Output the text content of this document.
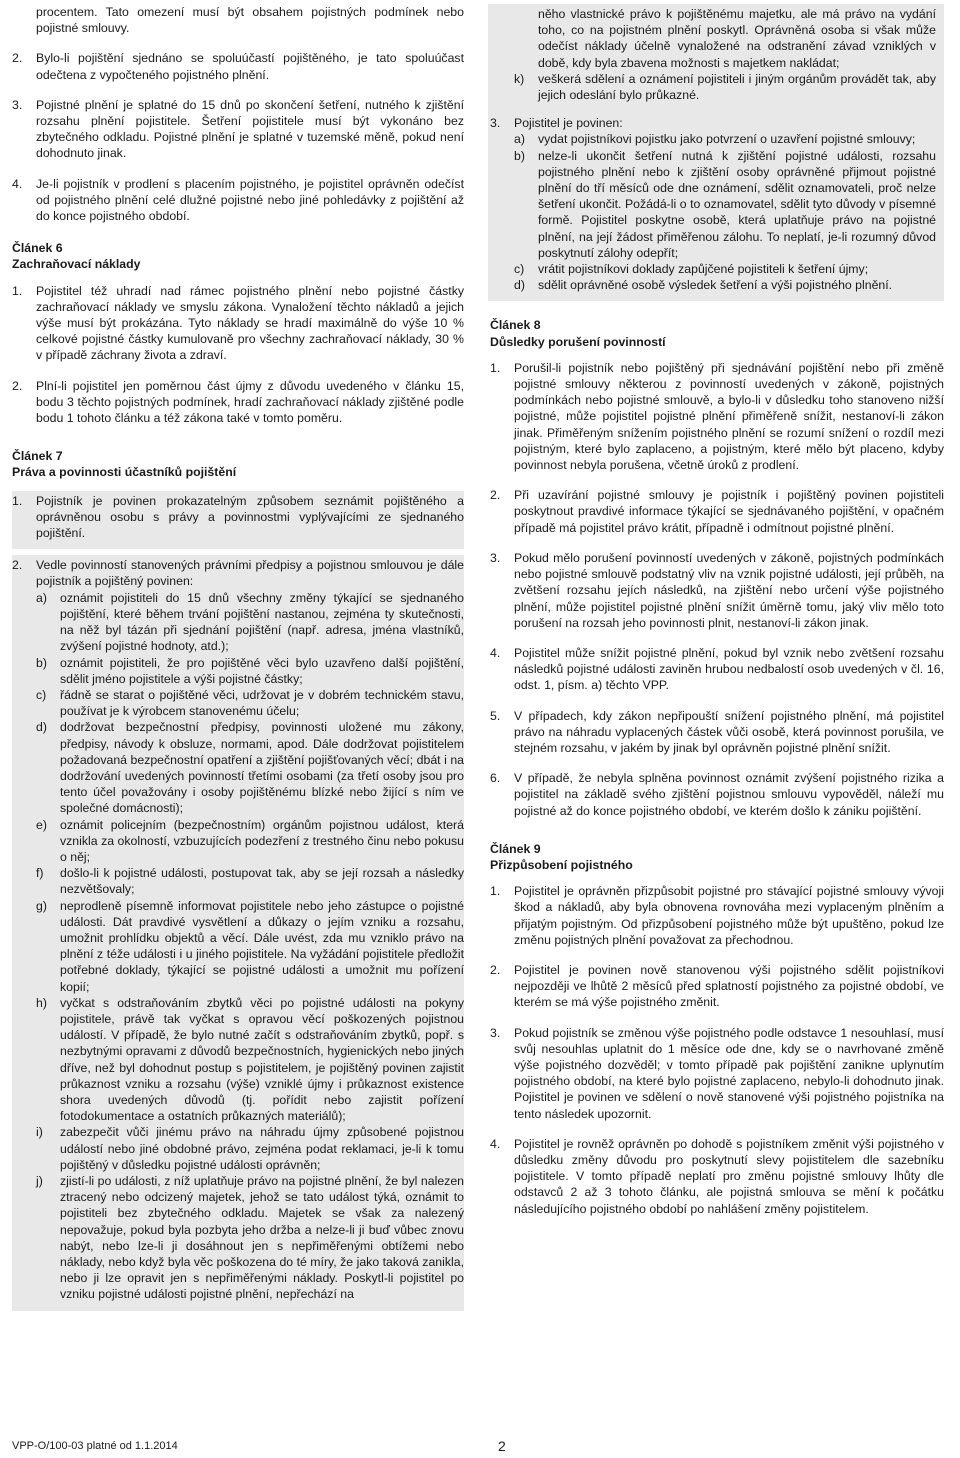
procentem. Tato omezení musí být obsahem pojistných podmínek nebo pojistné smlouvy.
2. Bylo-li pojištění sjednáno se spoluúčastí pojištěného, je tato spoluúčast odečtena z vypočteného pojistného plnění.
3. Pojistné plnění je splatné do 15 dnů po skončení šetření, nutného k zjištění rozsahu plnění pojistitele. Šetření pojistitele musí být vykonáno bez zbytečného odkladu. Pojistné plnění je splatné v tuzemské měně, pokud není dohodnuto jinak.
4. Je-li pojistník v prodlení s placením pojistného, je pojistitel oprávněn odečíst od pojistného plnění celé dlužné pojistné nebo jiné pohledávky z pojištění až do konce pojistného období.
Článek 6
Zachraňovací náklady
1. Pojistitel též uhradí nad rámec pojistného plnění nebo pojistné částky zachraňovací náklady ve smyslu zákona. Vynaložení těchto nákladů a jejich výše musí být prokázána. Tyto náklady se hradí maximálně do výše 10 % celkové pojistné částky kumulovaně pro všechny zachraňovací náklady, 30 % v případě záchrany života a zdraví.
2. Plní-li pojistitel jen poměrnou část újmy z důvodu uvedeného v článku 15, bodu 3 těchto pojistných podmínek, hradí zachraňovací náklady zjištěné podle bodu 1 tohoto článku a též zákona také v tomto poměru.
Článek 7
Práva a povinnosti účastníků pojištění
1. Pojistník je povinen prokazatelným způsobem seznámit pojištěného a oprávněnou osobu s právy a povinnostmi vyplývajícími ze sjednaného pojištění.
2. Vedle povinností stanovených právními předpisy a pojistnou smlouvou je dále pojistník a pojištěný povinen:
a) oznámit pojistiteli do 15 dnů všechny změny týkající se sjednaného pojištění, které během trvání pojištění nastanou, zejména ty skutečnosti, na něž byl tázán při sjednání pojištění (např. adresa, jména vlastníků, zvýšení pojistné hodnoty, atd.);
b) oznámit pojistiteli, že pro pojištěné věci bylo uzavřeno další pojištění, sdělit jméno pojistitele a výši pojistné částky;
c) řádně se starat o pojištěné věci, udržovat je v dobrém technickém stavu, používat je k výrobcem stanovenému účelu;
d) dodržovat bezpečnostní předpisy, povinnosti uložené mu zákony, předpisy, návody k obsluze, normami, apod. Dále dodržovat pojistitelem požadovaná bezpečnostní opatření a zjištění pojišťovaných věcí; dbát i na dodržování uvedených povinností třetími osobami (za třetí osoby jsou pro tento účel považovány i osoby pojištěnému blízké nebo žijící s ním ve společné domácnosti);
e) oznámit policejním (bezpečnostním) orgánům pojistnou událost, která vznikla za okolností, vzbuzujících podezření z trestného činu nebo pokusu o něj;
f) došlo-li k pojistné události, postupovat tak, aby se její rozsah a následky nezvětšovaly;
g) neprodleně písemně informovat pojistitele nebo jeho zástupce o pojistné události. Dát pravdivé vysvětlení a důkazy o jejím vzniku a rozsahu, umožnit prohlídku objektů a věcí. Dále uvést, zda mu vzniklo právo na plnění z téže události i u jiného pojistitele. Na vyžádání pojistitele předložit potřebné doklady, týkající se pojistné události a umožnit mu pořízení kopií;
h) vyčkat s odstraňováním zbytků věci po pojistné události na pokyny pojistitele, právě tak vyčkat s opravou věcí poškozených pojistnou událostí. V případě, že bylo nutné začít s odstraňováním zbytků, popř. s nezbytnými opravami z důvodů bezpečnostních, hygienických nebo jiných dříve, než byl dohodnut postup s pojistitelem, je pojištěný povinen zajistit průkaznost vzniku a rozsahu (výše) vzniklé újmy i průkaznost existence shora uvedených důvodů (tj. pořídit nebo zajistit pořízení fotodokumentace a ostatních průkazných materiálů);
i) zabezpečit vůči jinému právo na náhradu újmy způsobené pojistnou událostí nebo jiné obdobné právo, zejména podat reklamaci, je-li k tomu pojištěný v důsledku pojistné události oprávněn;
j) zjistí-li po události, z níž uplatňuje právo na pojistné plnění, že byl nalezen ztracený nebo odcizený majetek, jehož se tato událost týká, oznámit to pojistiteli bez zbytečného odkladu. Majetek se však za nalezený nepovažuje, pokud byla pozbyta jeho držba a nelze-li ji buď vůbec znovu nabýt, nebo lze-li ji dosáhnout jen s nepřiměřenými obtížemi nebo náklady, nebo když byla věc poškozena do té míry, že jako taková zanikla, nebo ji lze opravit jen s nepřiměřenými náklady. Poskytl-li pojistitel po vzniku pojistné události pojistné plnění, nepřechází na
něho vlastnické právo k pojištěnému majetku, ale má právo na vydání toho, co na pojistném plnění poskytl. Oprávněná osoba si však může odečíst náklady účelně vynaložené na odstranění závad vzniklých v době, kdy byla zbavena možnosti s majetkem nakládat;
k) veškerá sdělení a oznámení pojistiteli i jiným orgánům provádět tak, aby jejich odeslání bylo průkazné.
3. Pojistitel je povinen:
a) vydat pojistníkovi pojistku jako potvrzení o uzavření pojistné smlouvy;
b) nelze-li ukončit šetření nutná k zjištění pojistné události, rozsahu pojistného plnění nebo k zjištění osoby oprávněné přijmout pojistné plnění do tří měsíců ode dne oznámení, sdělit oznamovateli, proč nelze šetření ukončit. Požádá-li o to oznamovatel, sdělit tyto důvody v písemné formě. Pojistitel poskytne osobě, která uplatňuje právo na pojistné plnění, na její žádost přiměřenou zálohu. To neplatí, je-li rozumný důvod poskytnutí zálohy odepřít;
c) vrátit pojistníkovi doklady zapůjčené pojistiteli k šetření újmy;
d) sdělit oprávněné osobě výsledek šetření a výši pojistného plnění.
Článek 8
Důsledky porušení povinností
1. Porušil-li pojistník nebo pojištěný při sjednávání pojištění nebo při změně pojistné smlouvy některou z povinností uvedených v zákoně, pojistných podmínkách nebo pojistné smlouvě, a bylo-li v důsledku toho stanoveno nižší pojistné, může pojistitel pojistné plnění přiměřeně snížit, nestanoví-li zákon jinak. Přiměřeným snížením pojistného plnění se rozumí snížení o rozdíl mezi pojistným, které bylo zaplaceno, a pojistným, které mělo být placeno, kdyby povinnost nebyla porušena, včetně úroků z prodlení.
2. Při uzavírání pojistné smlouvy je pojistník i pojištěný povinen pojistiteli poskytnout pravdivé informace týkající se sjednávaného pojištění, v opačném případě má pojistitel právo krátit, případně i odmítnout pojistné plnění.
3. Pokud mělo porušení povinností uvedených v zákoně, pojistných podmínkách nebo pojistné smlouvě podstatný vliv na vznik pojistné události, její průběh, na zvětšení rozsahu jejích následků, na zjištění nebo určení výše pojistného plnění, může pojistitel pojistné plnění snížit úměrně tomu, jaký vliv mělo toto porušení na rozsah jeho povinnosti plnit, nestanoví-li zákon jinak.
4. Pojistitel může snížit pojistné plnění, pokud byl vznik nebo zvětšení rozsahu následků pojistné události zaviněn hrubou nedbalostí osob uvedených v čl. 16, odst. 1, písm. a) těchto VPP.
5. V případech, kdy zákon nepřipouští snížení pojistného plnění, má pojistitel právo na náhradu vyplacených částek vůči osobě, která povinnost porušila, ve stejném rozsahu, v jakém by jinak byl oprávněn pojistné plnění snížit.
6. V případě, že nebyla splněna povinnost oznámit zvýšení pojistného rizika a pojistitel na základě svého zjištění pojistnou smlouvu vypověděl, náleží mu pojistné až do konce pojistného období, ve kterém došlo k zániku pojištění.
Článek 9
Přizpůsobení pojistného
1. Pojistitel je oprávněn přizpůsobit pojistné pro stávající pojistné smlouvy vývoji škod a nákladů, aby byla obnovena rovnováha mezi vyplaceným plněním a přijatým pojistným. Od přizpůsobení pojistného může být upuštěno, pokud lze změnu pojistných plnění považovat za přechodnou.
2. Pojistitel je povinen nově stanovenou výši pojistného sdělit pojistníkovi nejpozději ve lhůtě 2 měsíců před splatností pojistného za pojistné období, ve kterém se má výše pojistného změnit.
3. Pokud pojistník se změnou výše pojistného podle odstavce 1 nesouhlasí, musí svůj nesouhlas uplatnit do 1 měsíce ode dne, kdy se o navrhované změně výše pojistného dozvěděl; v tomto případě pak pojištění zanikne uplynutím pojistného období, na které bylo pojistné zaplaceno, nebylo-li dohodnuto jinak. Pojistitel je povinen ve sdělení o nově stanovené výši pojistného pojistníka na tento následek upozornit.
4. Pojistitel je rovněž oprávněn po dohodě s pojistníkem změnit výši pojistného v důsledku změny důvodu pro poskytnutí slevy pojistitelem dle sazebníku pojistitele. V tomto případě neplatí pro změnu pojistné smlouvy lhůty dle odstavců 2 až 3 tohoto článku, ale pojistná smlouva se mění k počátku následujícího pojistného období po nahlášení změny pojistitelem.
VPP-O/100-03 platné od 1.1.2014	2
